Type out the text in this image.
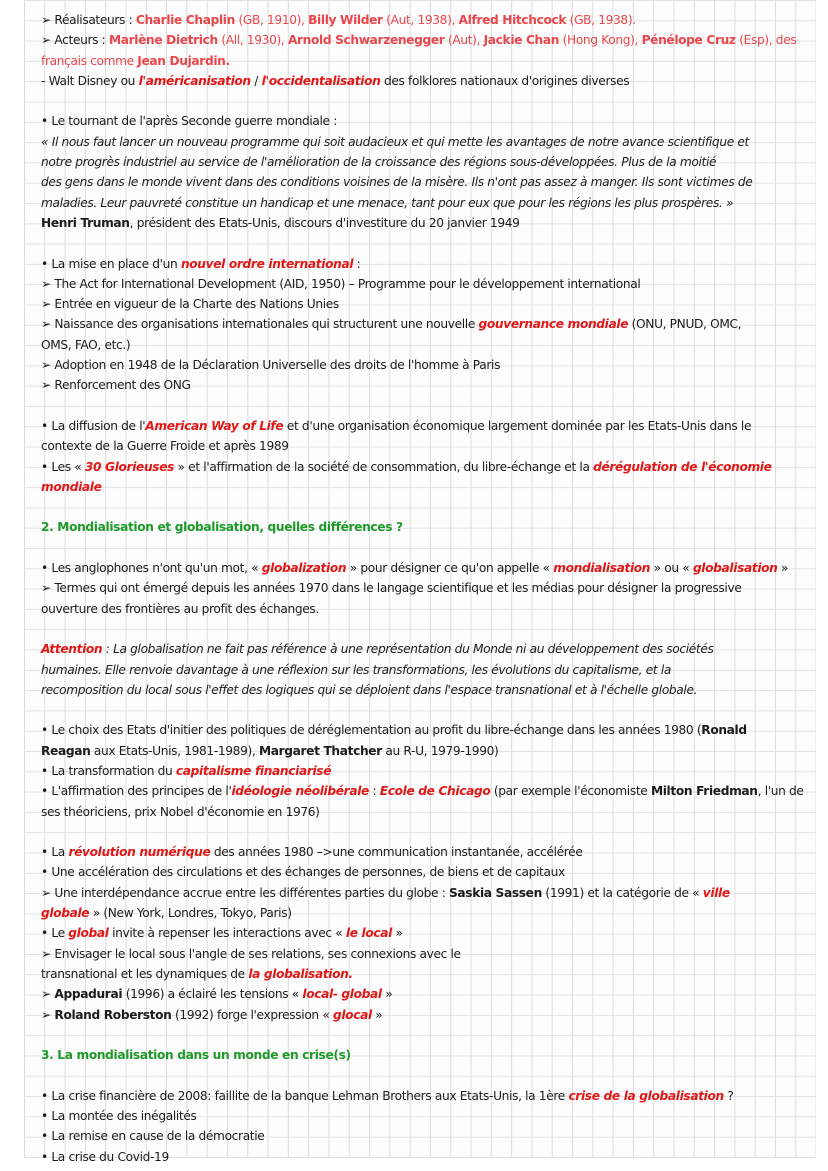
➢ Réalisateurs : Charlie Chaplin (GB, 1910), Billy Wilder (Aut, 1938), Alfred Hitchcock (GB, 1938).
➢ Acteurs : Marlène Dietrich (All, 1930), Arnold Schwarzenegger (Aut), Jackie Chan (Hong Kong), Pénélope Cruz (Esp), des
français comme Jean Dujardin.
- Walt Disney ou l'américanisation / l'occidentalisation des folklores nationaux d'origines diverses
• Le tournant de l'après Seconde guerre mondiale :
« Il nous faut lancer un nouveau programme qui soit audacieux et qui mette les avantages de notre avance scientifique et
notre progrès industriel au service de l'amélioration de la croissance des régions sous-développées. Plus de la moitié
des gens dans le monde vivent dans des conditions voisines de la misère. Ils n'ont pas assez à manger. Ils sont victimes de
maladies. Leur pauvreté constitue un handicap et une menace, tant pour eux que pour les régions les plus prospères. »
Henri Truman, président des Etats-Unis, discours d'investiture du 20 janvier 1949
• La mise en place d'un nouvel ordre international :
➢ The Act for International Development (AID, 1950) – Programme pour le développement international
➢ Entrée en vigueur de la Charte des Nations Unies
➢ Naissance des organisations internationales qui structurent une nouvelle gouvernance mondiale (ONU, PNUD, OMC,
OMS, FAO, etc.)
➢ Adoption en 1948 de la Déclaration Universelle des droits de l'homme à Paris
➢ Renforcement des ONG
• La diffusion de l'American Way of Life et d'une organisation économique largement dominée par les Etats-Unis dans le
contexte de la Guerre Froide et après 1989
• Les « 30 Glorieuses » et l'affirmation de la société de consommation, du libre-échange et la dérégulation de l'économie
mondiale
2. Mondialisation et globalisation, quelles différences ?
• Les anglophones n'ont qu'un mot, « globalization » pour désigner ce qu'on appelle « mondialisation » ou « globalisation »
➢ Termes qui ont émergé depuis les années 1970 dans le langage scientifique et les médias pour désigner la progressive
ouverture des frontières au profit des échanges.
Attention : La globalisation ne fait pas référence à une représentation du Monde ni au développement des sociétés
humaines. Elle renvoie davantage à une réflexion sur les transformations, les évolutions du capitalisme, et la
recomposition du local sous l'effet des logiques qui se déploient dans l'espace transnational et à l'échelle globale.
• Le choix des Etats d'initier des politiques de déréglementation au profit du libre-échange dans les années 1980 (Ronald
Reagan aux Etats-Unis, 1981-1989), Margaret Thatcher au R-U, 1979-1990)
• La transformation du capitalisme financiarisé
• L'affirmation des principes de l'idéologie néolibérale : Ecole de Chicago (par exemple l'économiste Milton Friedman, l'un de
ses théoriciens, prix Nobel d'économie en 1976)
• La révolution numérique des années 1980 –>une communication instantanée, accélérée
• Une accélération des circulations et des échanges de personnes, de biens et de capitaux
➢ Une interdépendance accrue entre les différentes parties du globe : Saskia Sassen (1991) et la catégorie de « ville
globale » (New York, Londres, Tokyo, Paris)
• Le global invite à repenser les interactions avec « le local »
➢ Envisager le local sous l'angle de ses relations, ses connexions avec le
transnational et les dynamiques de la globalisation.
➢ Appadurai (1996) a éclairé les tensions « local- global »
➢ Roland Roberston (1992) forge l'expression « glocal »
3. La mondialisation dans un monde en crise(s)
• La crise financière de 2008: faillite de la banque Lehman Brothers aux Etats-Unis, la 1ère crise de la globalisation ?
• La montée des inégalités
• La remise en cause de la démocratie
• La crise du Covid-19
